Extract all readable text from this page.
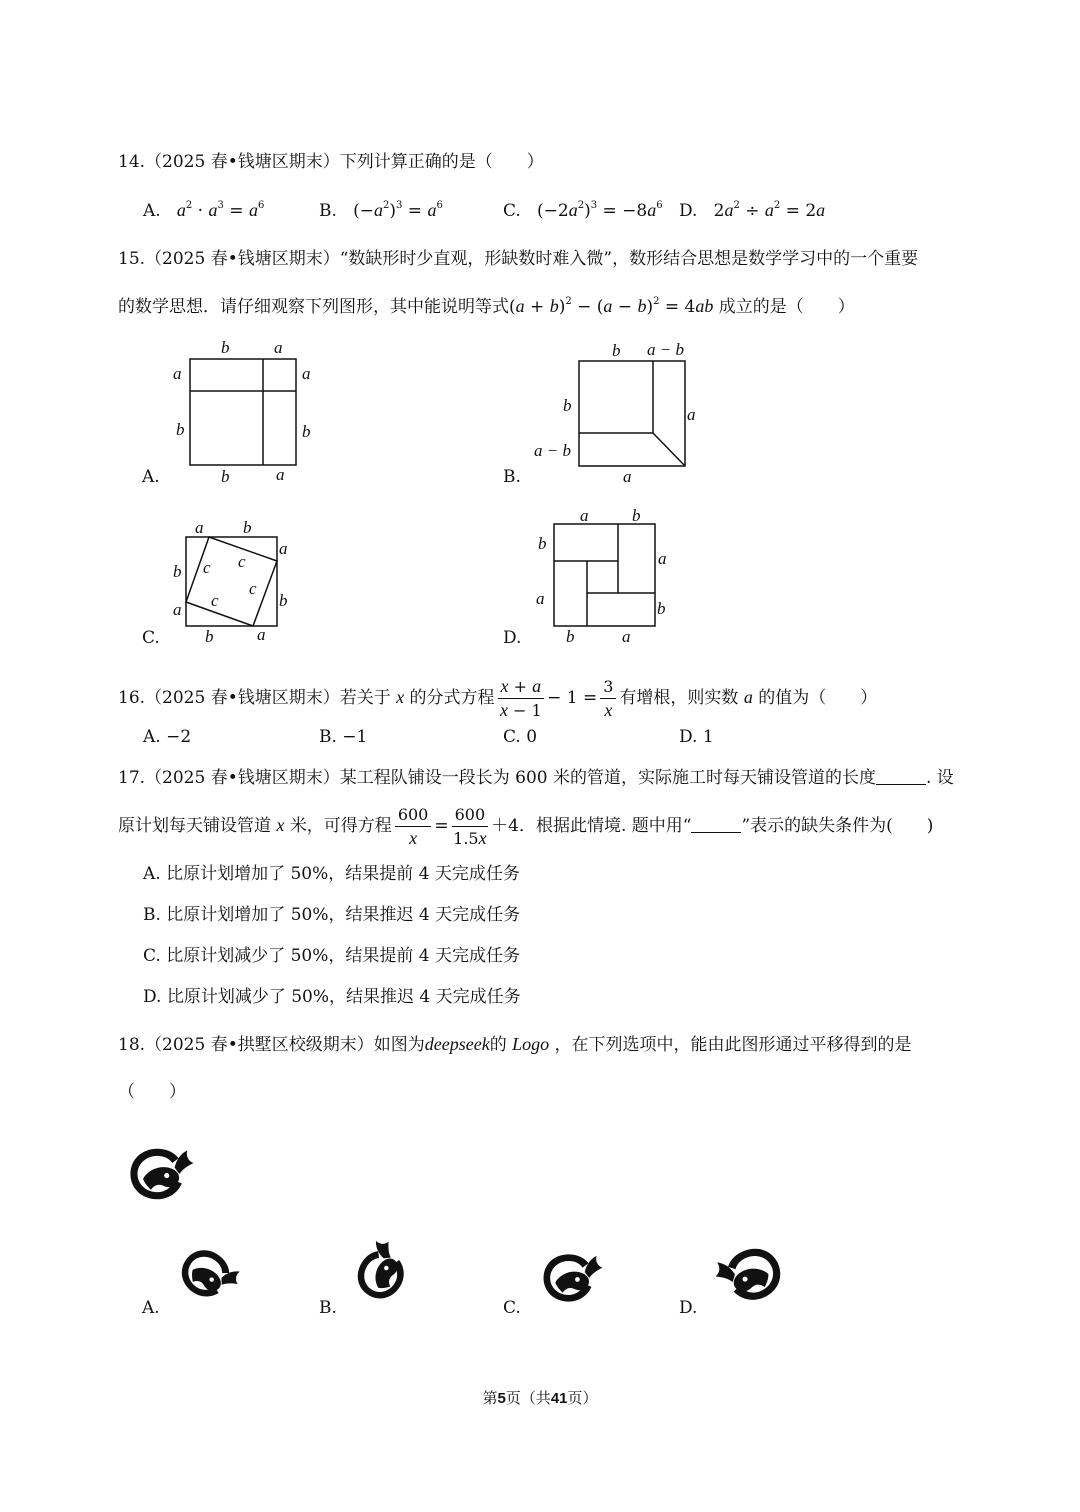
14.（2025 春•钱塘区期末）下列计算正确的是（　　）
A. $a^2 \cdot a^3 = a^6$	B.   $(-a^2)^3 = a^6$	C.   $(-2a^2)^3 = -8a^6$ D.   $2a^2 \div a^2 = 2a$
15.（2025 春•钱塘区期末）“数缺形时少直观，形缺数时难入微”，数形结合思想是数学学习中的一个重要
的数学思想．请仔细观察下列图形，其中能说明等式$(a + b)^2 - (a - b)^2 = 4ab$ 成立的是（　　）
b	a
a	a
b	b
b	a
A.
b a − b
b	a
a − b
a
B.
a b
a
b
b
a
c c
c
c
b	a
C.
a	b
b
a
a
b
b	a
D.
16.（2025 春•钱塘区期末）若关于 x 的分式方程 $\frac{x + a}{x - 1} - 1 = \frac{3}{x}$ 有增根，则实数 a 的值为（　　）
A. −2	B. −1	C. 0	D. 1
17.（2025 春•钱塘区期末）某工程队铺设一段长为 600 米的管道，实际施工时每天铺设管道的长度	. 设
原计划每天铺设管道 x 米，可得方程 $\frac{600}{x} = \frac{600}{1.5x} +4$．根据此情境. 题中用“	”表示的缺失条件为(　　)
A. 比原计划增加了 50%，结果提前 4 天完成任务
B. 比原计划增加了 50%，结果推迟 4 天完成任务
C. 比原计划减少了 50%，结果提前 4 天完成任务
D. 比原计划减少了 50%，结果推迟 4 天完成任务
18.（2025 春•拱墅区校级期末）如图为deepseek的 Logo ，在下列选项中，能由此图形通过平移得到的是
（　　）
A.	B.	C.	D.
第5页（共41页）
